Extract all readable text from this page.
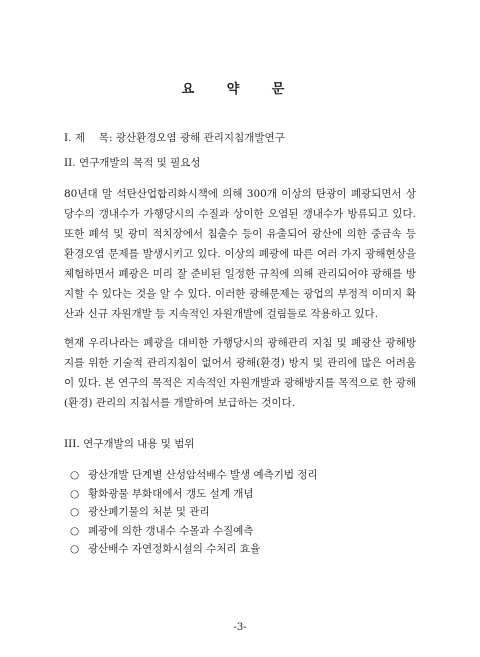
요 약 문
I. 제　 목: 광산환경오염 광해 관리지침개발연구
II. 연구개발의 목적 및 필요성

80년대 말 석탄산업합리화시책에 의해 300개 이상의 탄광이 폐광되면서 상당수의 갱내수가 가행당시의 수질과 상이한 오염된 갱내수가 방류되고 있다. 또한 폐석 및 광미 적치장에서 침출수 등이 유출되어 광산에 의한 중금속 등 환경오염 문제를 발생시키고 있다. 이상의 폐광에 따른 여러 가지 광해현상을 체험하면서 폐광은 미리 잘 준비된 일정한 규칙에 의해 관리되어야 광해를 방지할 수 있다는 것을 알 수 있다. 이러한 광해문제는 광업의 부정적 이미지 확산과 신규 자원개발 등 지속적인 자원개발에 걸림돌로 작용하고 있다.

현재 우리나라는 폐광을 대비한 가행당시의 광해관리 지침 및 폐광산 광해방지를 위한 기술적 관리지침이 없어서 광해(환경) 방지 및 관리에 많은 어려움이 있다. 본 연구의 목적은 지속적인 자원개발과 광해방지를 목적으로 한 광해(환경) 관리의 지침서를 개발하여 보급하는 것이다.

III. 연구개발의 내용 및 범위
○ 광산개발 단계별 산성암석배수 발생 예측기법 정리
○ 황화광물 부화대에서 갱도 설계 개념
○ 광산폐기물의 처분 및 관리
○ 폐광에 의한 갱내수 수몰과 수질예측
○ 광산배수 자연정화시설의 수처리 효율
-3-
